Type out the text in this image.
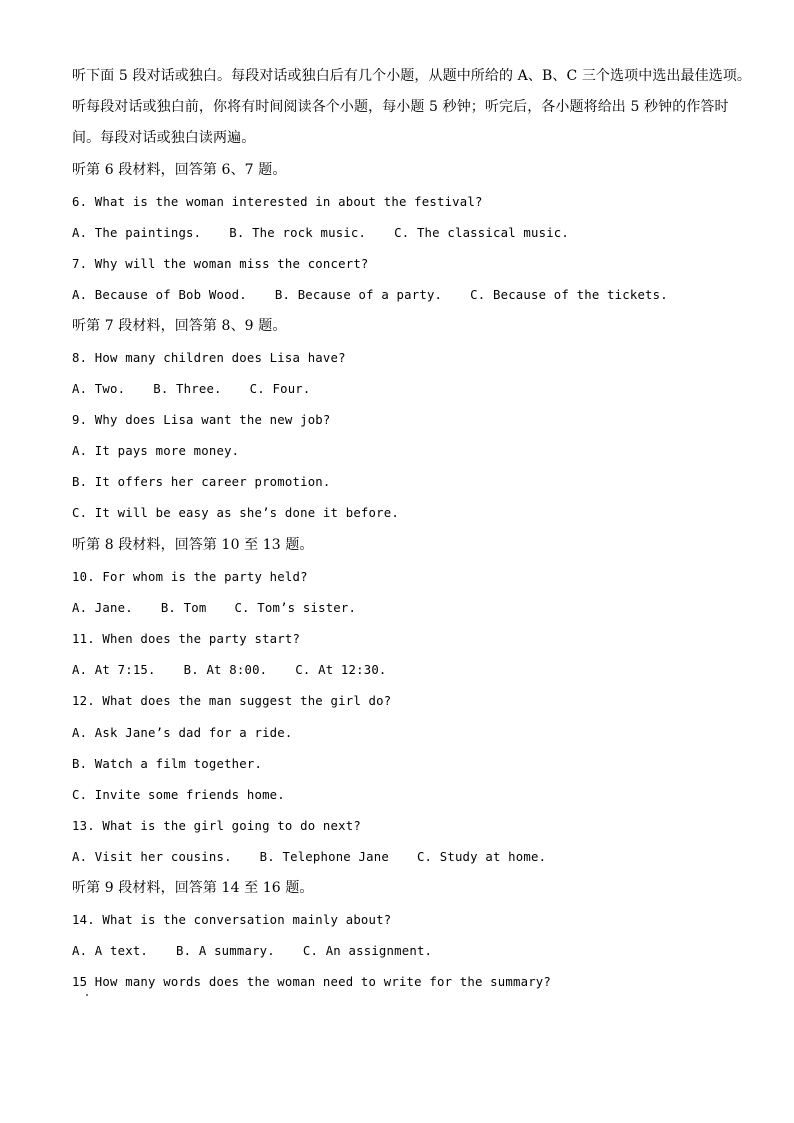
听下面 5 段对话或独白。每段对话或独白后有几个小题，从题中所给的 A、B、C 三个选项中选出最佳选项。
听每段对话或独白前，你将有时间阅读各个小题，每小题 5 秒钟；听完后，各小题将给出 5 秒钟的作答时
间。每段对话或独白读两遍。
听第 6 段材料，回答第 6、7 题。
6. What is the woman interested in about the festival?
A. The paintings. B. The rock music. C. The classical music.
7. Why will the woman miss the concert?
A. Because of Bob Wood. B. Because of a party. C. Because of the tickets.
听第 7 段材料，回答第 8、9 题。
8. How many children does Lisa have?
A. Two. B. Three. C. Four.
9. Why does Lisa want the new job?
A. It pays more money.
B. It offers her career promotion.
C. It will be easy as she’s done it before.
听第 8 段材料，回答第 10 至 13 题。
10. For whom is the party held?
A. Jane. B. Tom C. Tom’s sister.
11. When does the party start?
A. At 7:15. B. At 8:00. C. At 12:30.
12. What does the man suggest the girl do?
A. Ask Jane’s dad for a ride.
B. Watch a film together.
C. Invite some friends home.
13. What is the girl going to do next?
A. Visit her cousins. B. Telephone Jane C. Study at home.
听第 9 段材料，回答第 14 至 16 题。
14. What is the conversation mainly about?
A. A text. B. A summary. C. An assignment.
15 How many words does the woman need to write for the summary?
